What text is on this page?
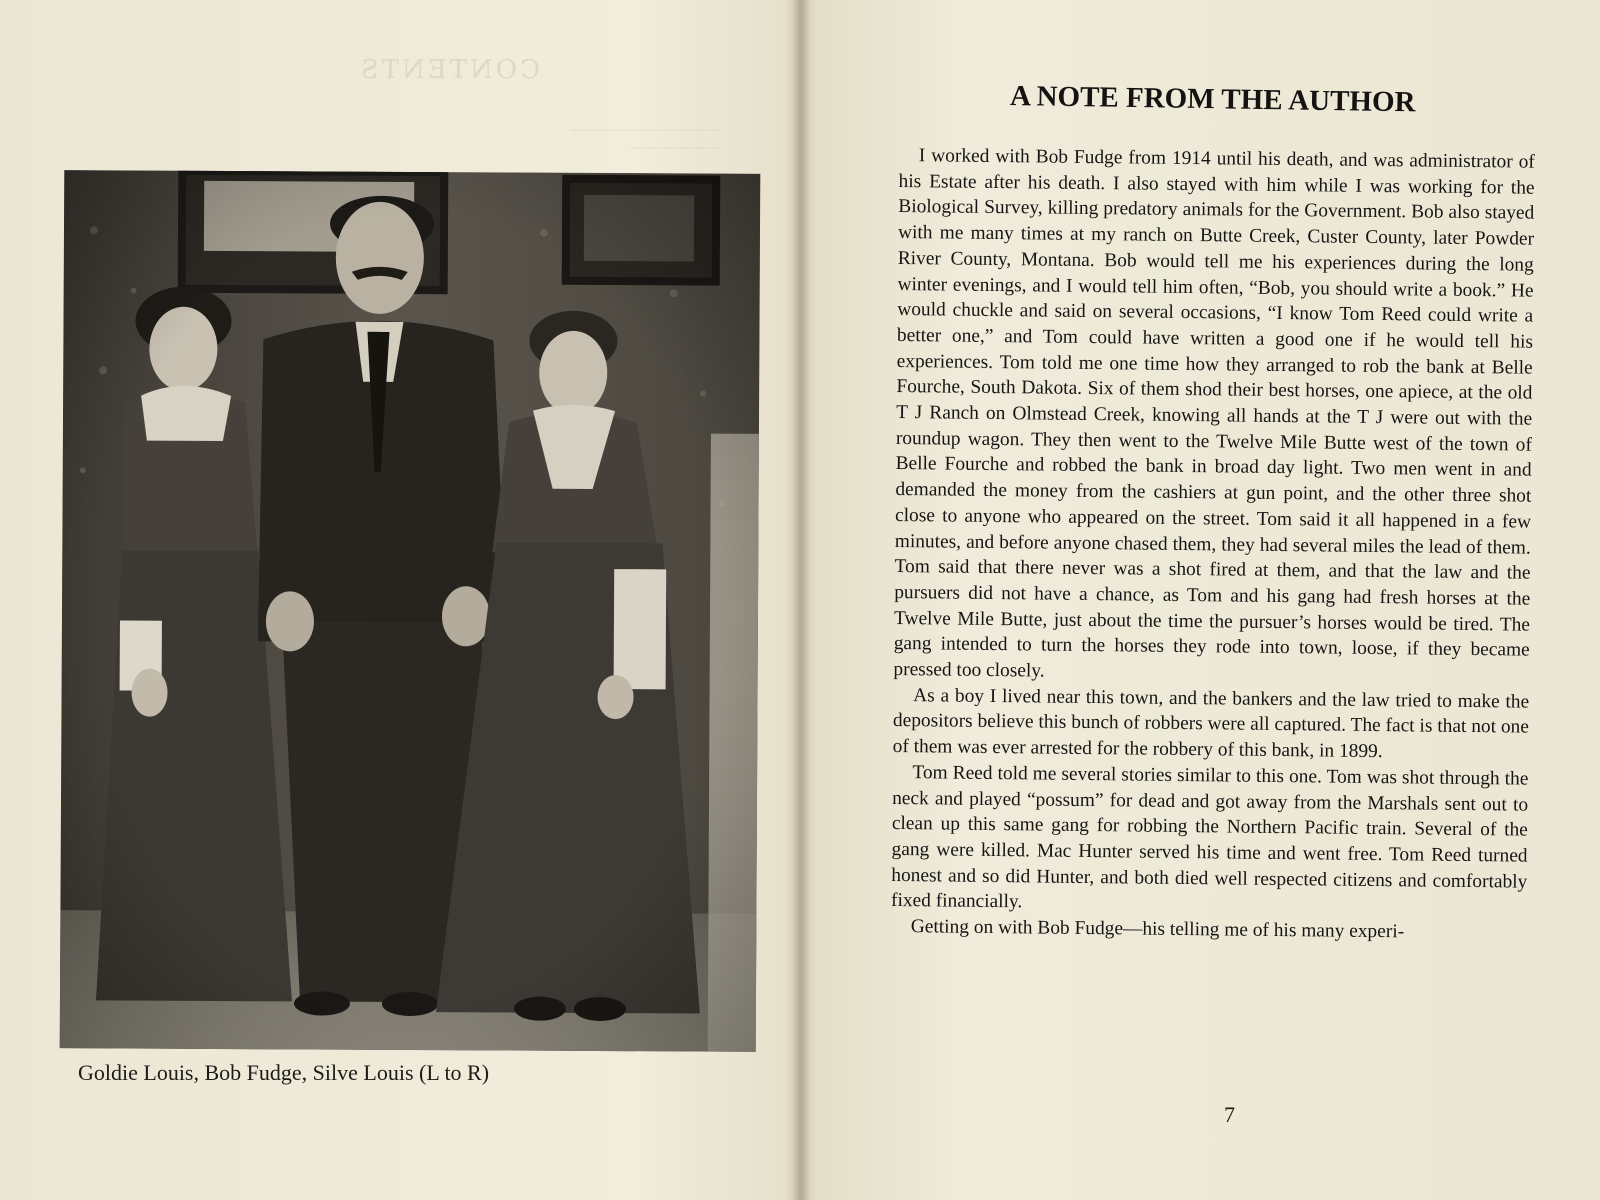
CONTENTS
——————————
——————
Goldie Louis, Bob Fudge, Silve Louis (L to R)
A NOTE FROM THE AUTHOR

I worked with Bob Fudge from 1914 until his death, and was administrator of his Estate after his death. I also stayed with him while I was working for the Biological Survey, killing predatory animals for the Government. Bob also stayed with me many times at my ranch on Butte Creek, Custer County, later Powder River County, Montana. Bob would tell me his experiences during the long winter evenings, and I would tell him often, “Bob, you should write a book.” He would chuckle and said on several occasions, “I know Tom Reed could write a better one,” and Tom could have written a good one if he would tell his experiences. Tom told me one time how they arranged to rob the bank at Belle Fourche, South Dakota. Six of them shod their best horses, one apiece, at the old T J Ranch on Olmstead Creek, knowing all hands at the T J were out with the roundup wagon. They then went to the Twelve Mile Butte west of the town of Belle Fourche and robbed the bank in broad day light. Two men went in and demanded the money from the cashiers at gun point, and the other three shot close to anyone who appeared on the street. Tom said it all happened in a few minutes, and before anyone chased them, they had several miles the lead of them. Tom said that there never was a shot fired at them, and that the law and the pursuers did not have a chance, as Tom and his gang had fresh horses at the Twelve Mile Butte, just about the time the pursuer’s horses would be tired. The gang intended to turn the horses they rode into town, loose, if they became pressed too closely.

As a boy I lived near this town, and the bankers and the law tried to make the depositors believe this bunch of robbers were all captured. The fact is that not one of them was ever arrested for the robbery of this bank, in 1899.

Tom Reed told me several stories similar to this one. Tom was shot through the neck and played “possum” for dead and got away from the Marshals sent out to clean up this same gang for robbing the Northern Pacific train. Several of the gang were killed. Mac Hunter served his time and went free. Tom Reed turned honest and so did Hunter, and both died well respected citizens and comfortably fixed financially.

Getting on with Bob Fudge—his telling me of his many experi-

7
